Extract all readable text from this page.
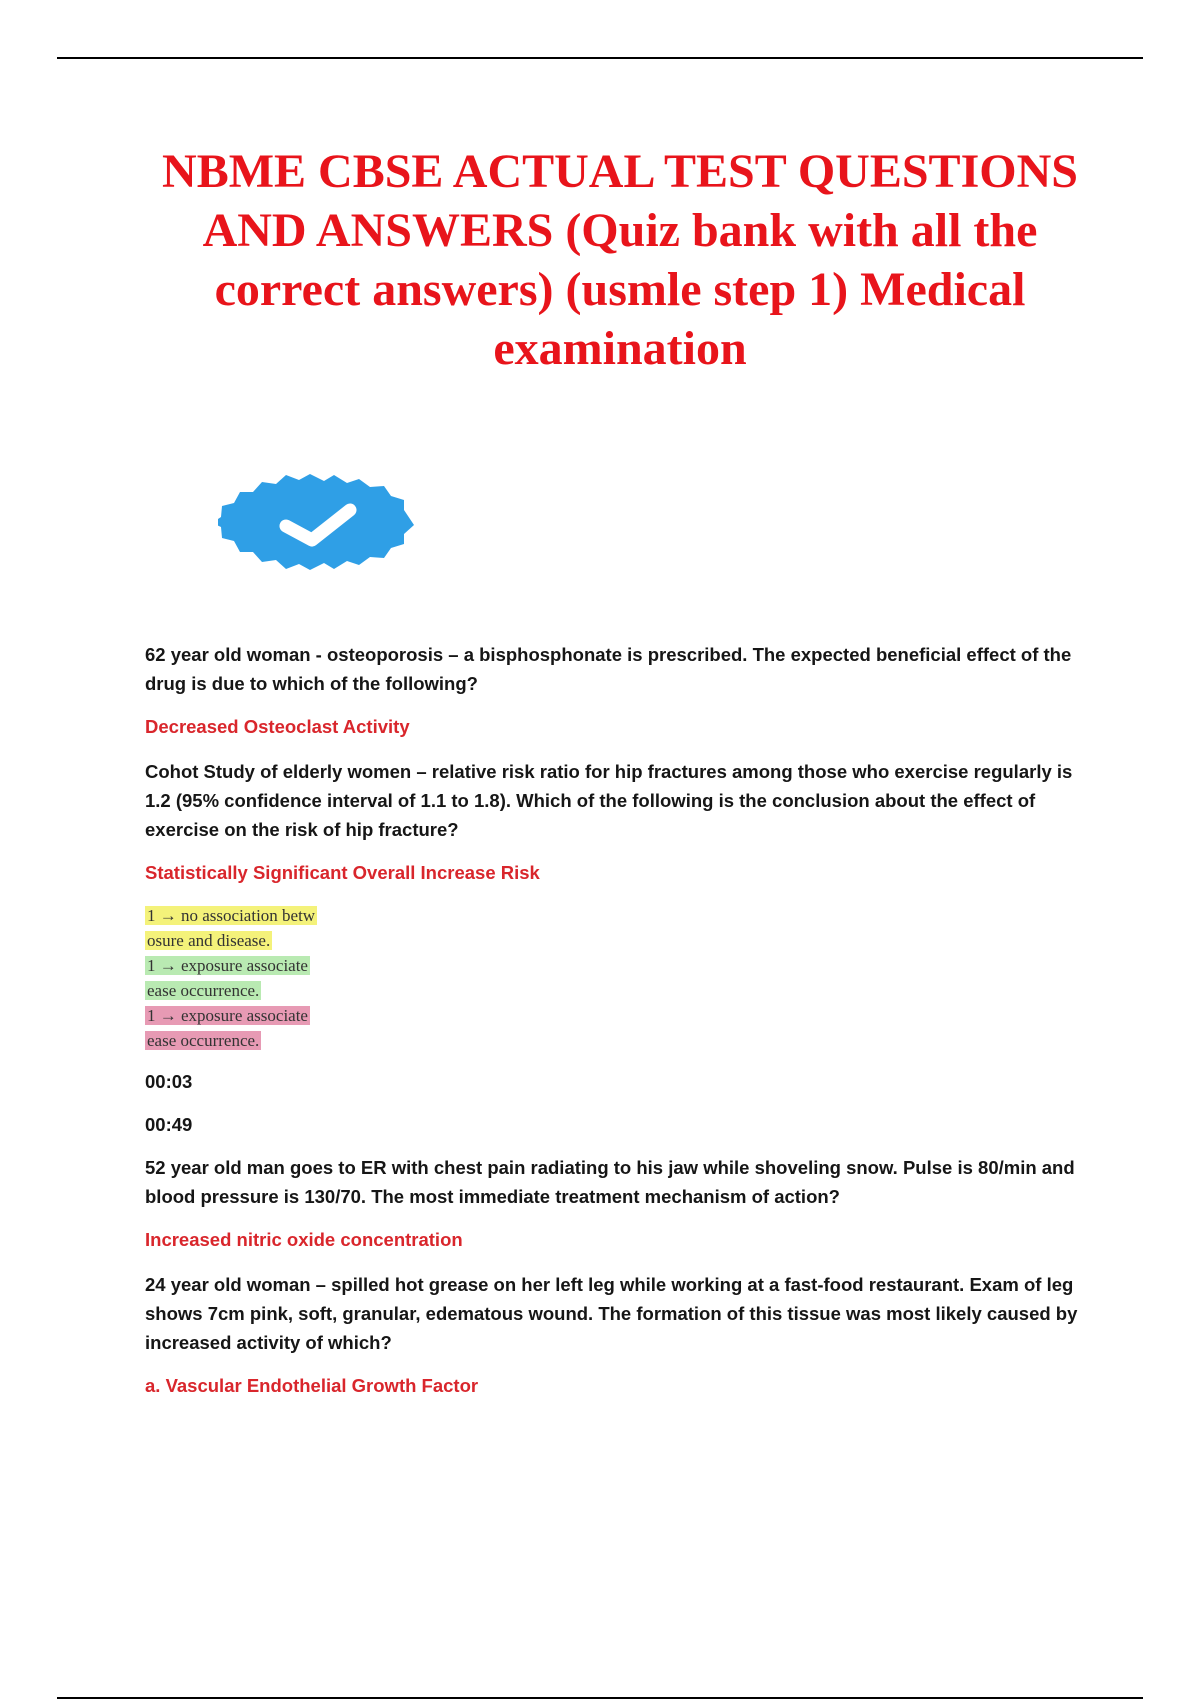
NBME CBSE ACTUAL TEST QUESTIONS AND ANSWERS (Quiz bank with all the correct answers) (usmle step 1) Medical examination

62 year old woman - osteoporosis – a bisphosphonate is prescribed. The expected beneficial effect of the drug is due to which of the following?

Decreased Osteoclast Activity

Cohot Study of elderly women – relative risk ratio for hip fractures among those who exercise regularly is 1.2 (95% confidence interval of 1.1 to 1.8). Which of the following is the conclusion about the effect of exercise on the risk of hip fracture?

Statistically Significant Overall Increase Risk

1 → no association betw
osure and disease.
1 → exposure associate
ease occurrence.
1 → exposure associate
ease occurrence.

00:03

00:49

52 year old man goes to ER with chest pain radiating to his jaw while shoveling snow. Pulse is 80/min and blood pressure is 130/70. The most immediate treatment mechanism of action?

Increased nitric oxide concentration

24 year old woman – spilled hot grease on her left leg while working at a fast-food restaurant. Exam of leg shows 7cm pink, soft, granular, edematous wound. The formation of this tissue was most likely caused by increased activity of which?

a. Vascular Endothelial Growth Factor
